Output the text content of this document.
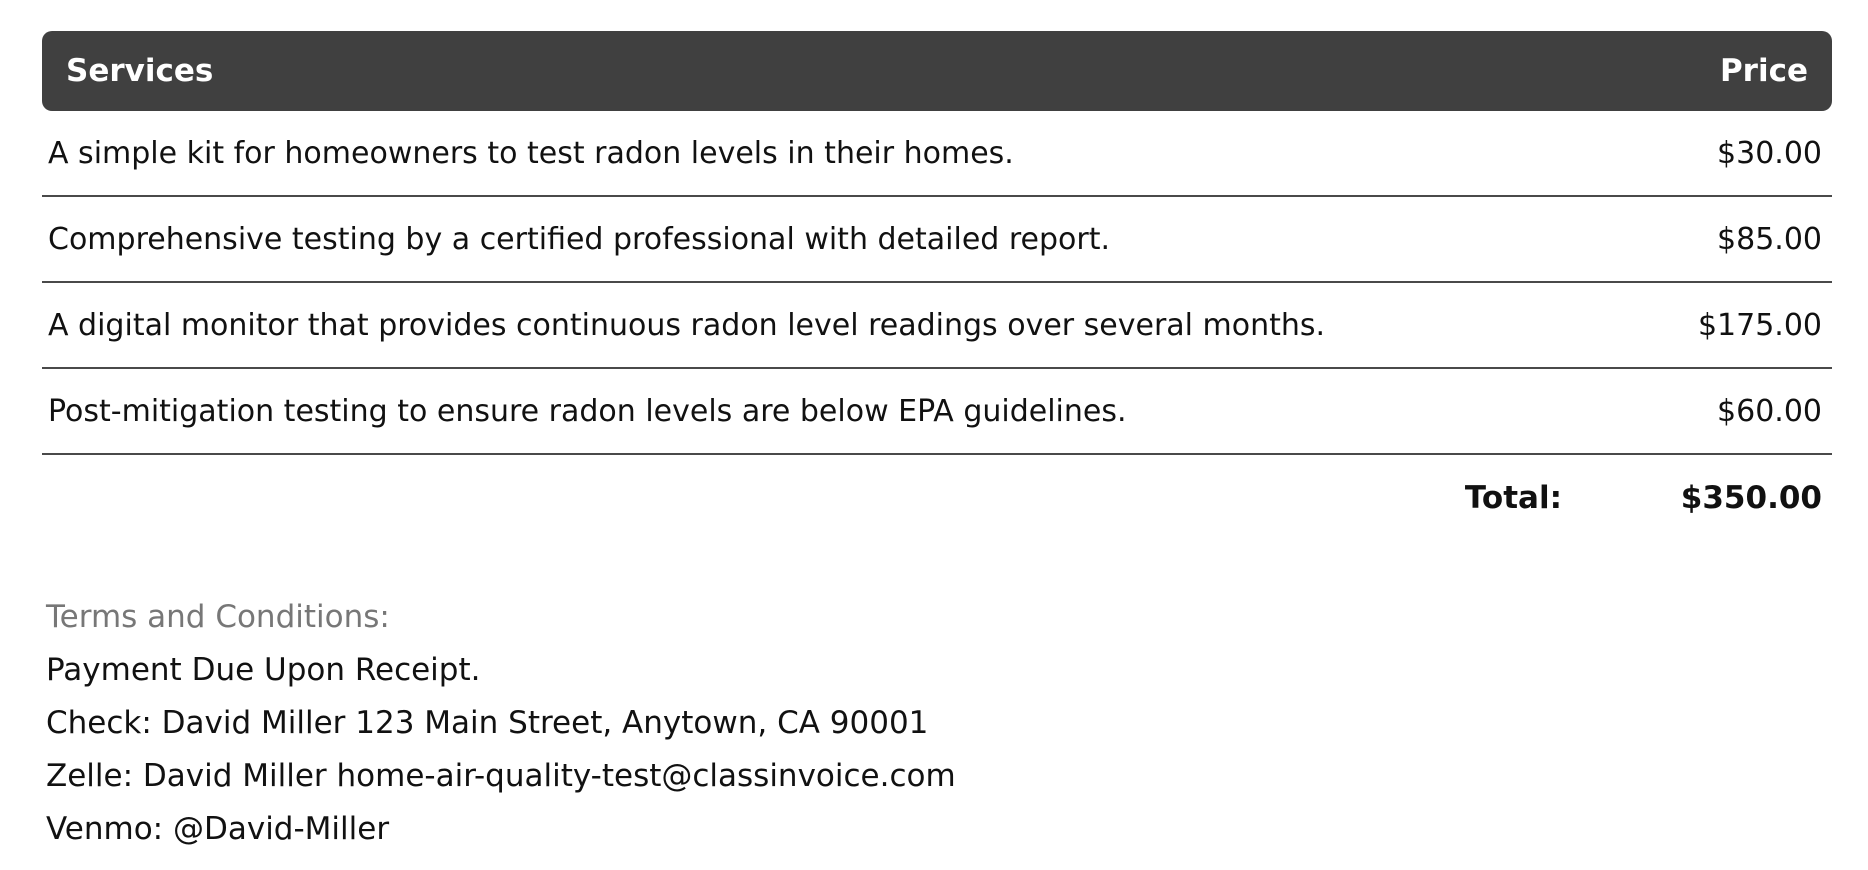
Services	Price
A simple kit for homeowners to test radon levels in their homes.	$30.00
Comprehensive testing by a certified professional with detailed report.	$85.00
A digital monitor that provides continuous radon level readings over several months.	$175.00
Post-mitigation testing to ensure radon levels are below EPA guidelines.	$60.00
Total:	$350.00
Terms and Conditions:
Payment Due Upon Receipt.
Check: David Miller 123 Main Street, Anytown, CA 90001
Zelle: David Miller home-air-quality-test@classinvoice.com
Venmo: @David-Miller
